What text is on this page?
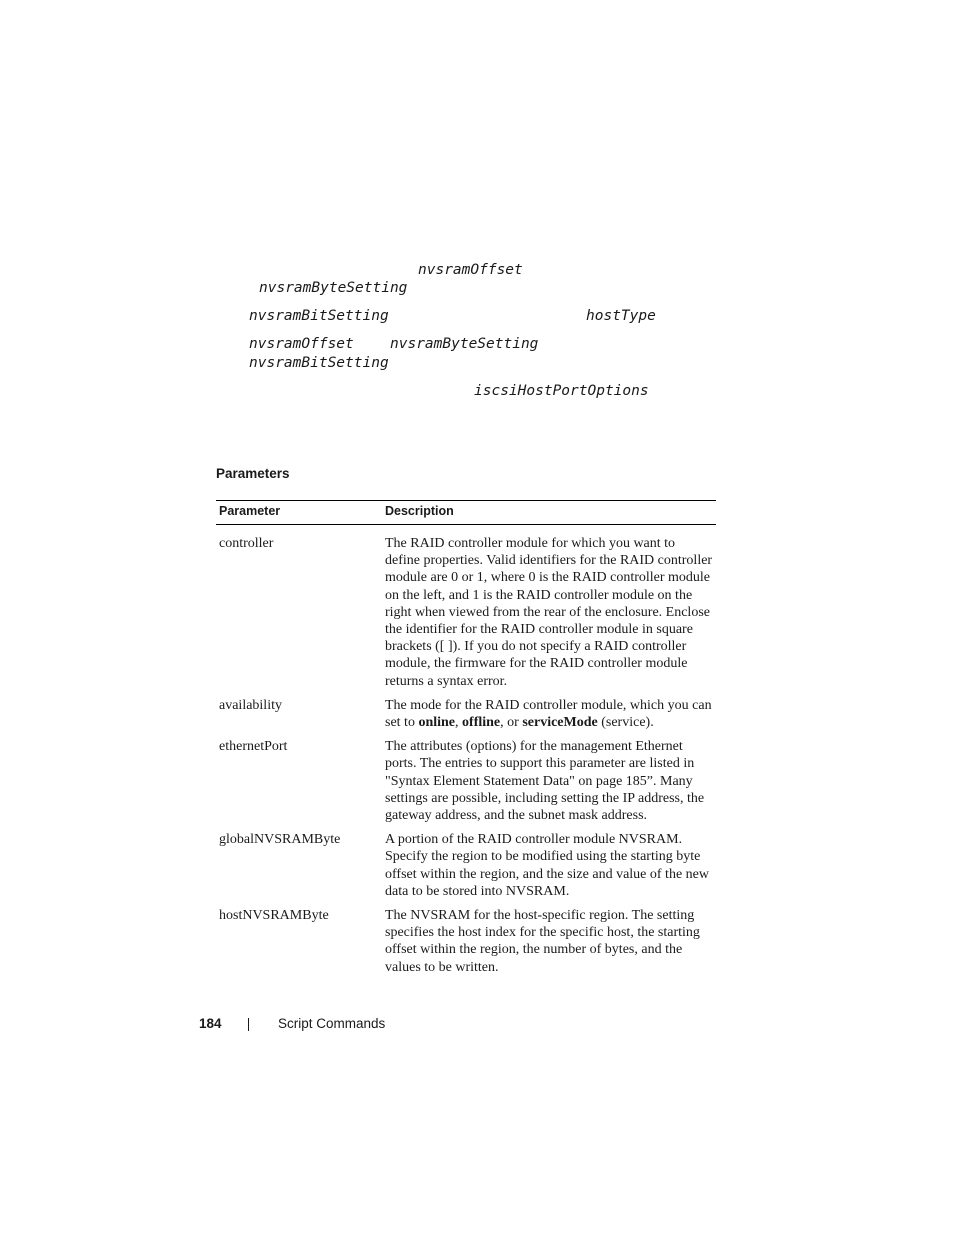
nvsramOffset
nvsramByteSetting
nvsramBitSetting	hostType
nvsramOffset nvsramByteSetting
nvsramBitSetting
iscsiHostPortOptions
Parameters
Parameter	Description
controller	The RAID controller module for which you want to define properties. Valid identifiers for the RAID controller module are 0 or 1, where 0 is the RAID controller module on the left, and 1 is the RAID controller module on the right when viewed from the rear of the enclosure. Enclose the identifier for the RAID controller module in square brackets ([ ]). If you do not specify a RAID controller module, the firmware for the RAID controller module returns a syntax error.
availability	The mode for the RAID controller module, which you can set to online, offline, or serviceMode (service).
ethernetPort	The attributes (options) for the management Ethernet ports. The entries to support this parameter are listed in "Syntax Element Statement Data" on page 185”. Many settings are possible, including setting the IP address, the gateway address, and the subnet mask address.
globalNVSRAMByte	A portion of the RAID controller module NVSRAM. Specify the region to be modified using the starting byte offset within the region, and the size and value of the new data to be stored into NVSRAM.
hostNVSRAMByte	The NVSRAM for the host-specific region. The setting specifies the host index for the specific host, the starting offset within the region, the number of bytes, and the values to be written.
184	Script Commands
